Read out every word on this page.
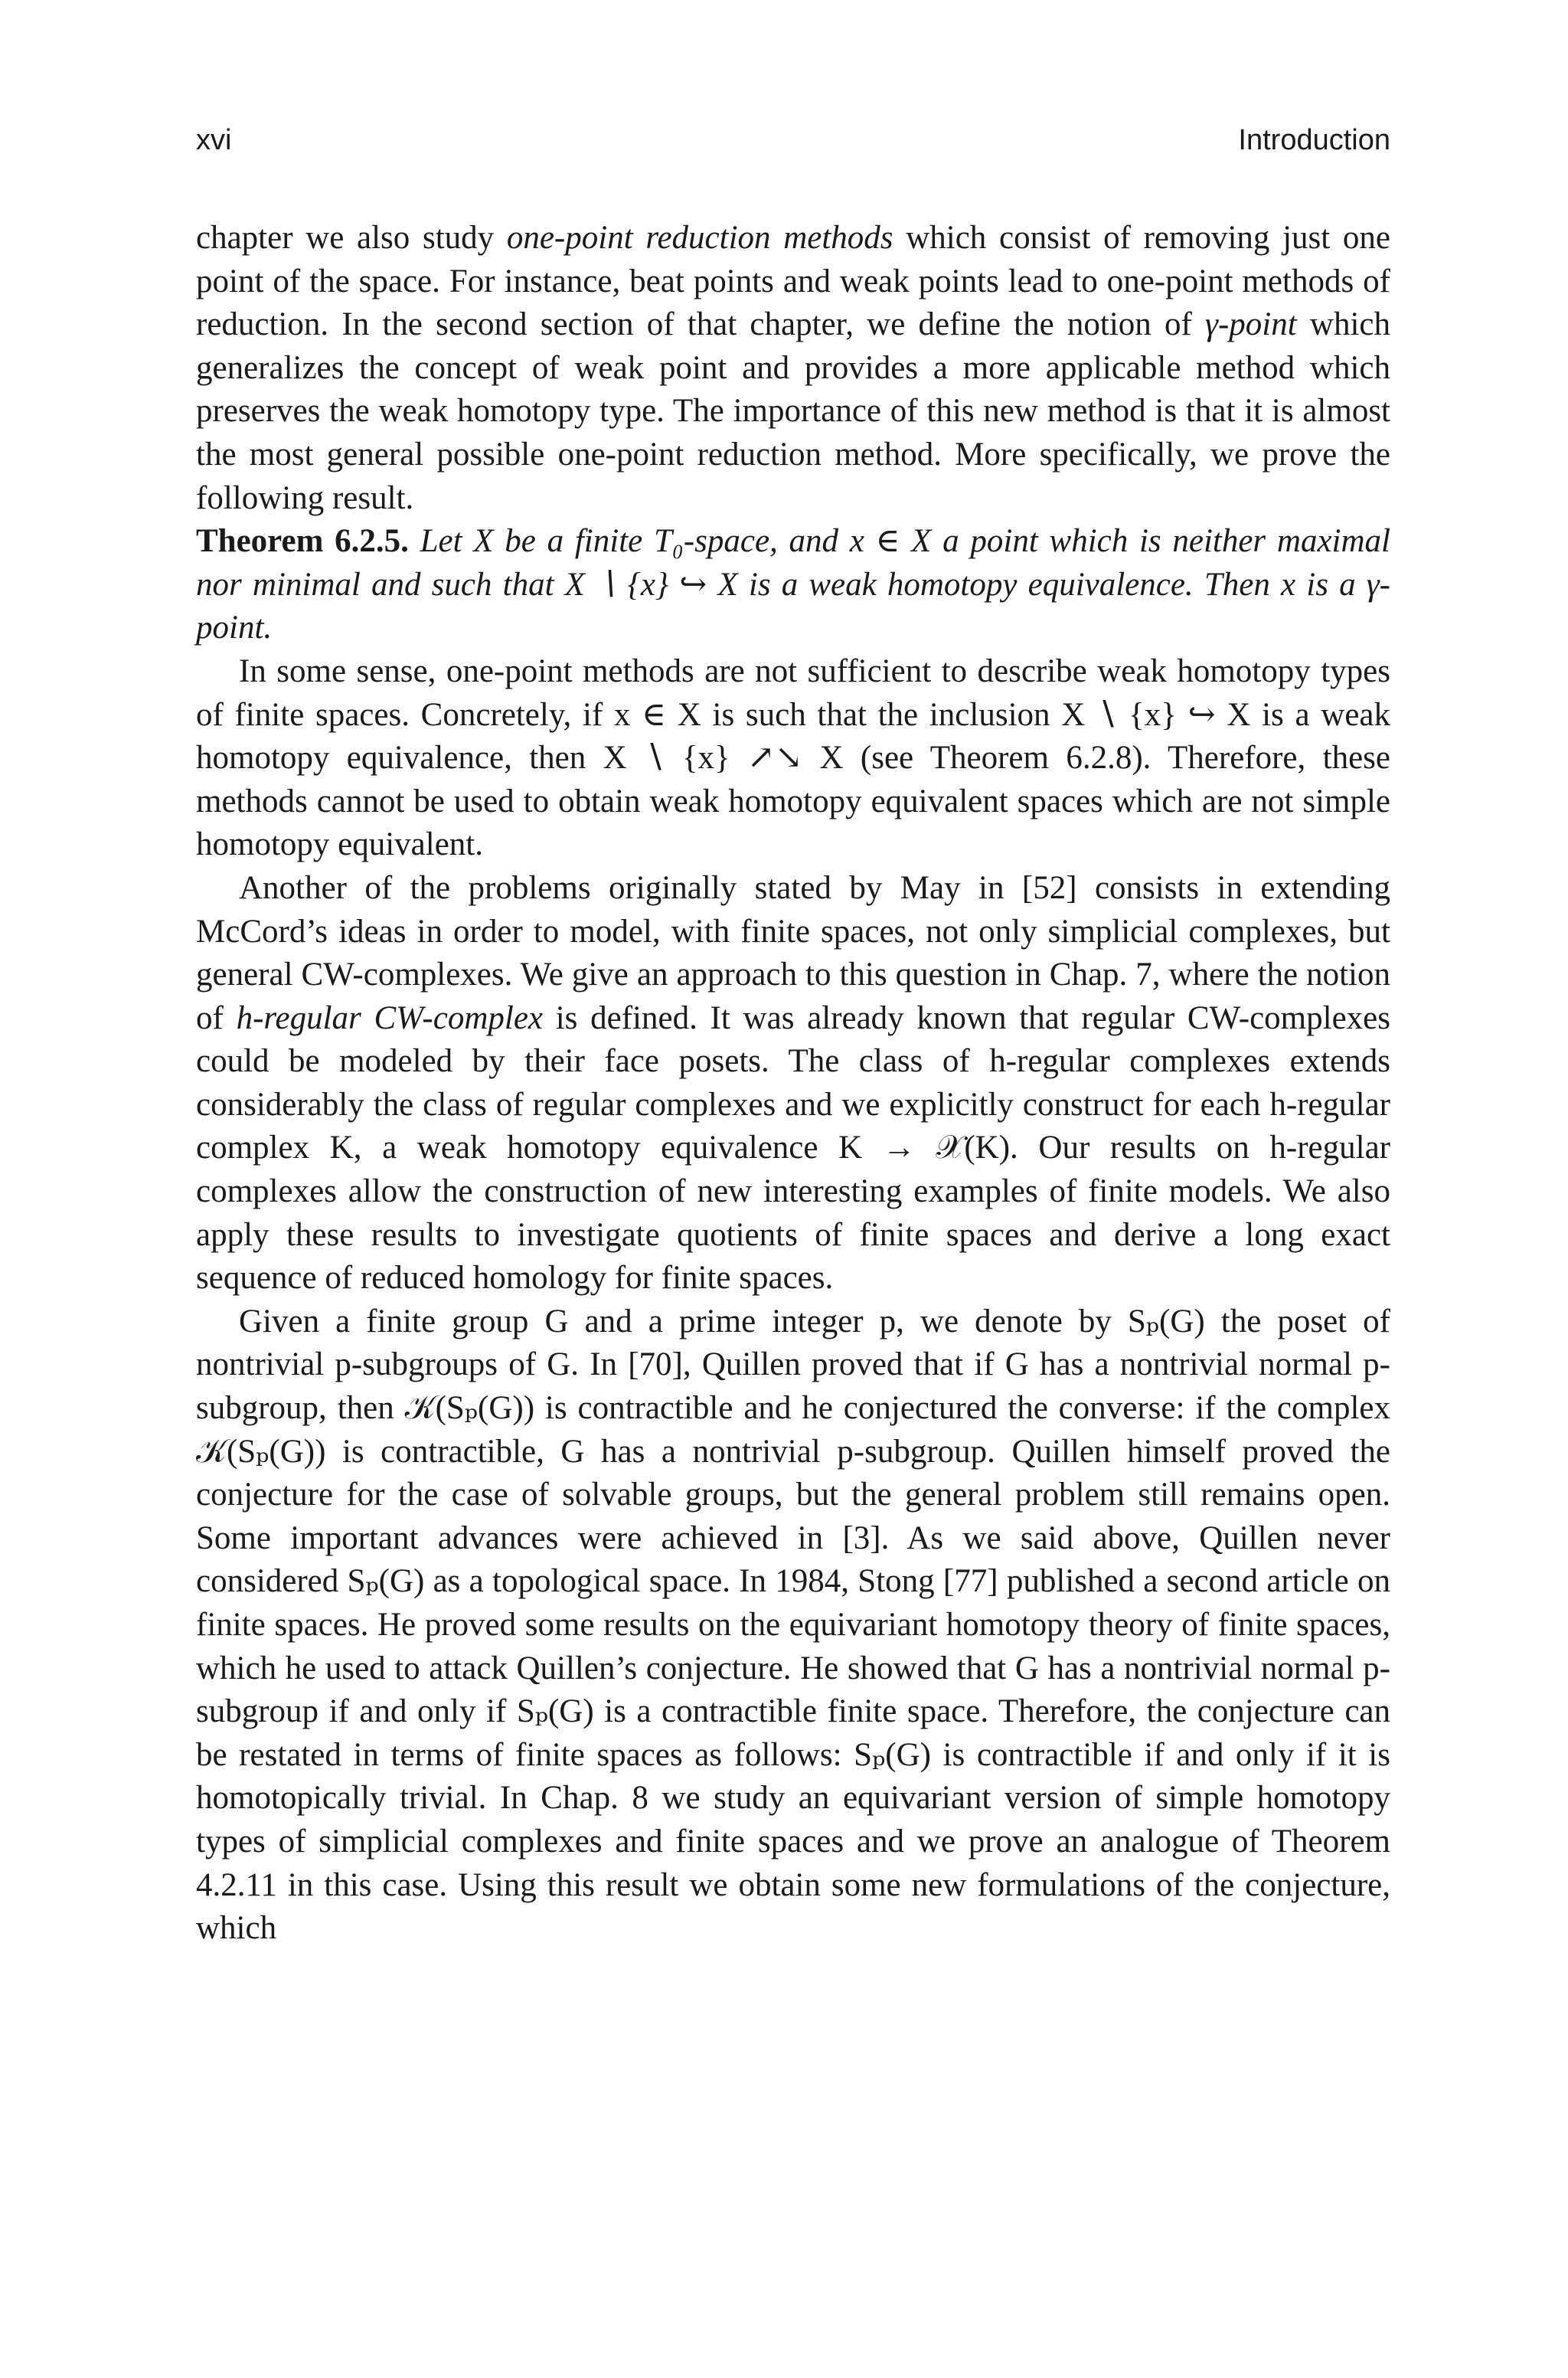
xvi	Introduction

chapter we also study one-point reduction methods which consist of removing just one point of the space. For instance, beat points and weak points lead to one-point methods of reduction. In the second section of that chapter, we define the notion of γ-point which generalizes the concept of weak point and provides a more applicable method which preserves the weak homotopy type. The importance of this new method is that it is almost the most general possible one-point reduction method. More specifically, we prove the following result.

Theorem 6.2.5. Let X be a finite T₀-space, and x ∈ X a point which is neither maximal nor minimal and such that X ∖ {x} ↪ X is a weak homotopy equivalence. Then x is a γ-point.

In some sense, one-point methods are not sufficient to describe weak homotopy types of finite spaces. Concretely, if x ∈ X is such that the inclusion X ∖ {x} ↪ X is a weak homotopy equivalence, then X ∖ {x} ↗↘ X (see Theorem 6.2.8). Therefore, these methods cannot be used to obtain weak homotopy equivalent spaces which are not simple homotopy equivalent.

Another of the problems originally stated by May in [52] consists in extending McCord’s ideas in order to model, with finite spaces, not only simplicial complexes, but general CW-complexes. We give an approach to this question in Chap. 7, where the notion of h-regular CW-complex is defined. It was already known that regular CW-complexes could be modeled by their face posets. The class of h-regular complexes extends considerably the class of regular complexes and we explicitly construct for each h-regular complex K, a weak homotopy equivalence K → 𝒳(K). Our results on h-regular complexes allow the construction of new interesting examples of finite models. We also apply these results to investigate quotients of finite spaces and derive a long exact sequence of reduced homology for finite spaces.

Given a finite group G and a prime integer p, we denote by Sₚ(G) the poset of nontrivial p-subgroups of G. In [70], Quillen proved that if G has a nontrivial normal p-subgroup, then 𝒦(Sₚ(G)) is contractible and he conjectured the converse: if the complex 𝒦(Sₚ(G)) is contractible, G has a nontrivial p-subgroup. Quillen himself proved the conjecture for the case of solvable groups, but the general problem still remains open. Some important advances were achieved in [3]. As we said above, Quillen never considered Sₚ(G) as a topological space. In 1984, Stong [77] published a second article on finite spaces. He proved some results on the equivariant homotopy theory of finite spaces, which he used to attack Quillen’s conjecture. He showed that G has a nontrivial normal p-subgroup if and only if Sₚ(G) is a contractible finite space. Therefore, the conjecture can be restated in terms of finite spaces as follows: Sₚ(G) is contractible if and only if it is homotopically trivial. In Chap. 8 we study an equivariant version of simple homotopy types of simplicial complexes and finite spaces and we prove an analogue of Theorem 4.2.11 in this case. Using this result we obtain some new formulations of the conjecture, which
